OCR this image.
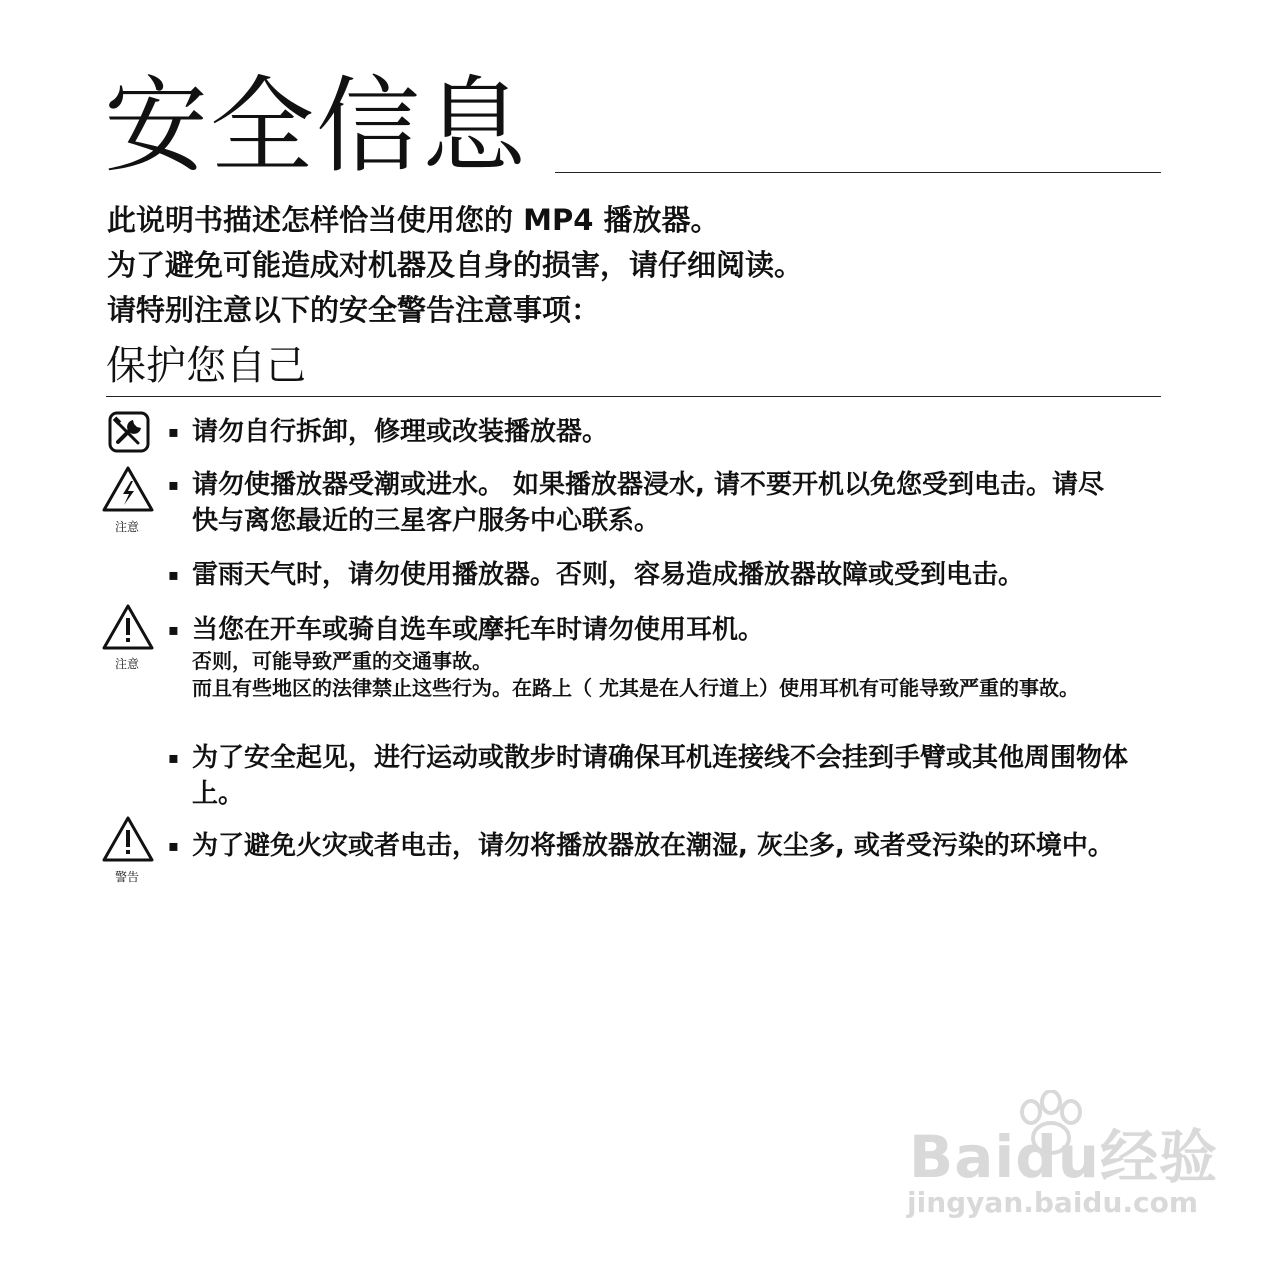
安全信息
此说明书描述怎样恰当使用您的 MP4 播放器。
为了避免可能造成对机器及自身的损害，请仔细阅读。
请特别注意以下的安全警告注意事项：
保护您自己
注意
注意
警告
▪ 请勿自行拆卸，修理或改装播放器。
▪ 请勿使播放器受潮或进水。 如果播放器浸水, 请不要开机以免您受到电击。请尽快与离您最近的三星客户服务中心联系。
▪ 雷雨天气时，请勿使用播放器。否则，容易造成播放器故障或受到电击。
▪ 当您在开车或骑自选车或摩托车时请勿使用耳机。
否则，可能导致严重的交通事故。
而且有些地区的法律禁止这些行为。在路上（ 尤其是在人行道上）使用耳机有可能导致严重的事故。
▪ 为了安全起见，进行运动或散步时请确保耳机连接线不会挂到手臂或其他周围物体上。
▪ 为了避免火灾或者电击，请勿将播放器放在潮湿, 灰尘多, 或者受污染的环境中。
Baidu经验
jingyan.baidu.com
